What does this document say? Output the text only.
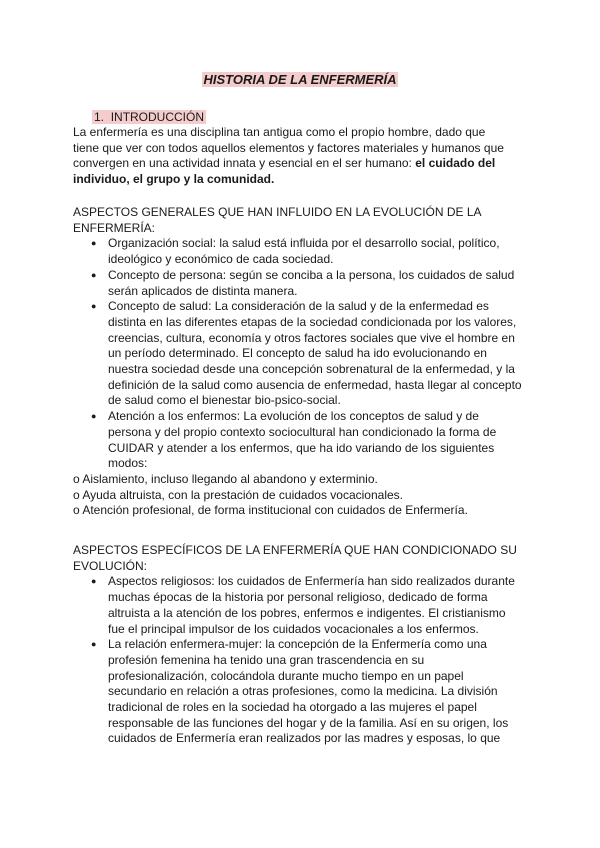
HISTORIA DE LA ENFERMERÍA
1. INTRODUCCIÓN
La enfermería es una disciplina tan antigua como el propio hombre, dado que tiene que ver con todos aquellos elementos y factores materiales y humanos que convergen en una actividad innata y esencial en el ser humano: el cuidado del individuo, el grupo y la comunidad.
ASPECTOS GENERALES QUE HAN INFLUIDO EN LA EVOLUCIÓN DE LA ENFERMERÍA:
● Organización social: la salud está influida por el desarrollo social, político, ideológico y económico de cada sociedad.
● Concepto de persona: según se conciba a la persona, los cuidados de salud serán aplicados de distinta manera.
● Concepto de salud: La consideración de la salud y de la enfermedad es distinta en las diferentes etapas de la sociedad condicionada por los valores, creencias, cultura, economía y otros factores sociales que vive el hombre en un período determinado. El concepto de salud ha ido evolucionando en nuestra sociedad desde una concepción sobrenatural de la enfermedad, y la definición de la salud como ausencia de enfermedad, hasta llegar al concepto de salud como el bienestar bio-psico-social.
● Atención a los enfermos: La evolución de los conceptos de salud y de persona y del propio contexto sociocultural han condicionado la forma de CUIDAR y atender a los enfermos, que ha ido variando de los siguientes modos:
o Aislamiento, incluso llegando al abandono y exterminio.
o Ayuda altruista, con la prestación de cuidados vocacionales.
o Atención profesional, de forma institucional con cuidados de Enfermería.
ASPECTOS ESPECÍFICOS DE LA ENFERMERÍA QUE HAN CONDICIONADO SU EVOLUCIÓN:
● Aspectos religiosos: los cuidados de Enfermería han sido realizados durante muchas épocas de la historia por personal religioso, dedicado de forma altruista a la atención de los pobres, enfermos e indigentes. El cristianismo fue el principal impulsor de los cuidados vocacionales a los enfermos.
● La relación enfermera-mujer: la concepción de la Enfermería como una profesión femenina ha tenido una gran trascendencia en su profesionalización, colocándola durante mucho tiempo en un papel secundario en relación a otras profesiones, como la medicina. La división tradicional de roles en la sociedad ha otorgado a las mujeres el papel responsable de las funciones del hogar y de la familia. Así en su origen, los cuidados de Enfermería eran realizados por las madres y esposas, lo que
